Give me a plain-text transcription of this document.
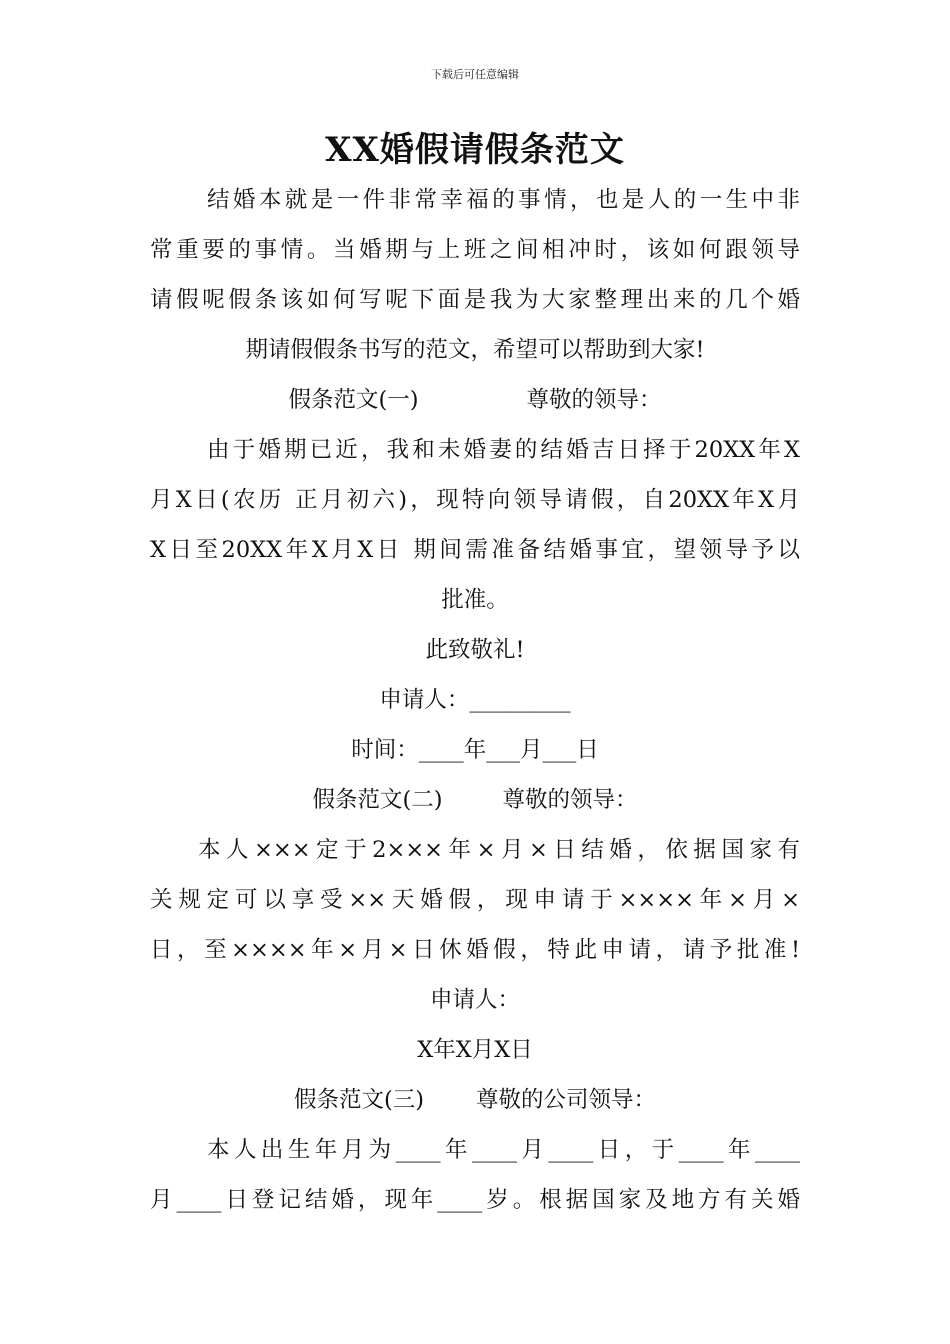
下载后可任意编辑
XX婚假请假条范文
结婚本就是一件非常幸福的事情，也是人的一生中非
常重要的事情。当婚期与上班之间相冲时，该如何跟领导
请假呢假条该如何写呢下面是我为大家整理出来的几个婚
期请假假条书写的范文，希望可以帮助到大家!
假条范文(一)	尊敬的领导：
由于婚期已近，我和未婚妻的结婚吉日择于20XX年X
月X日(农历 正月初六)，现特向领导请假，自20XX年X月
X日至20XX年X月X日 期间需准备结婚事宜，望领导予以
批准。
此致敬礼!
申请人：_________
时间：____年___月___日
假条范文(二)	尊敬的领导：
本人×××定于2×××年×月×日结婚，依据国家有
关规定可以享受××天婚假，现申请于××××年×月×
日，至××××年×月×日休婚假，特此申请，请予批准!
申请人：
X年X月X日
假条范文(三) 尊敬的公司领导：
本人出生年月为____年____月____日，于____年____
月____日登记结婚，现年____岁。根据国家及地方有关婚
